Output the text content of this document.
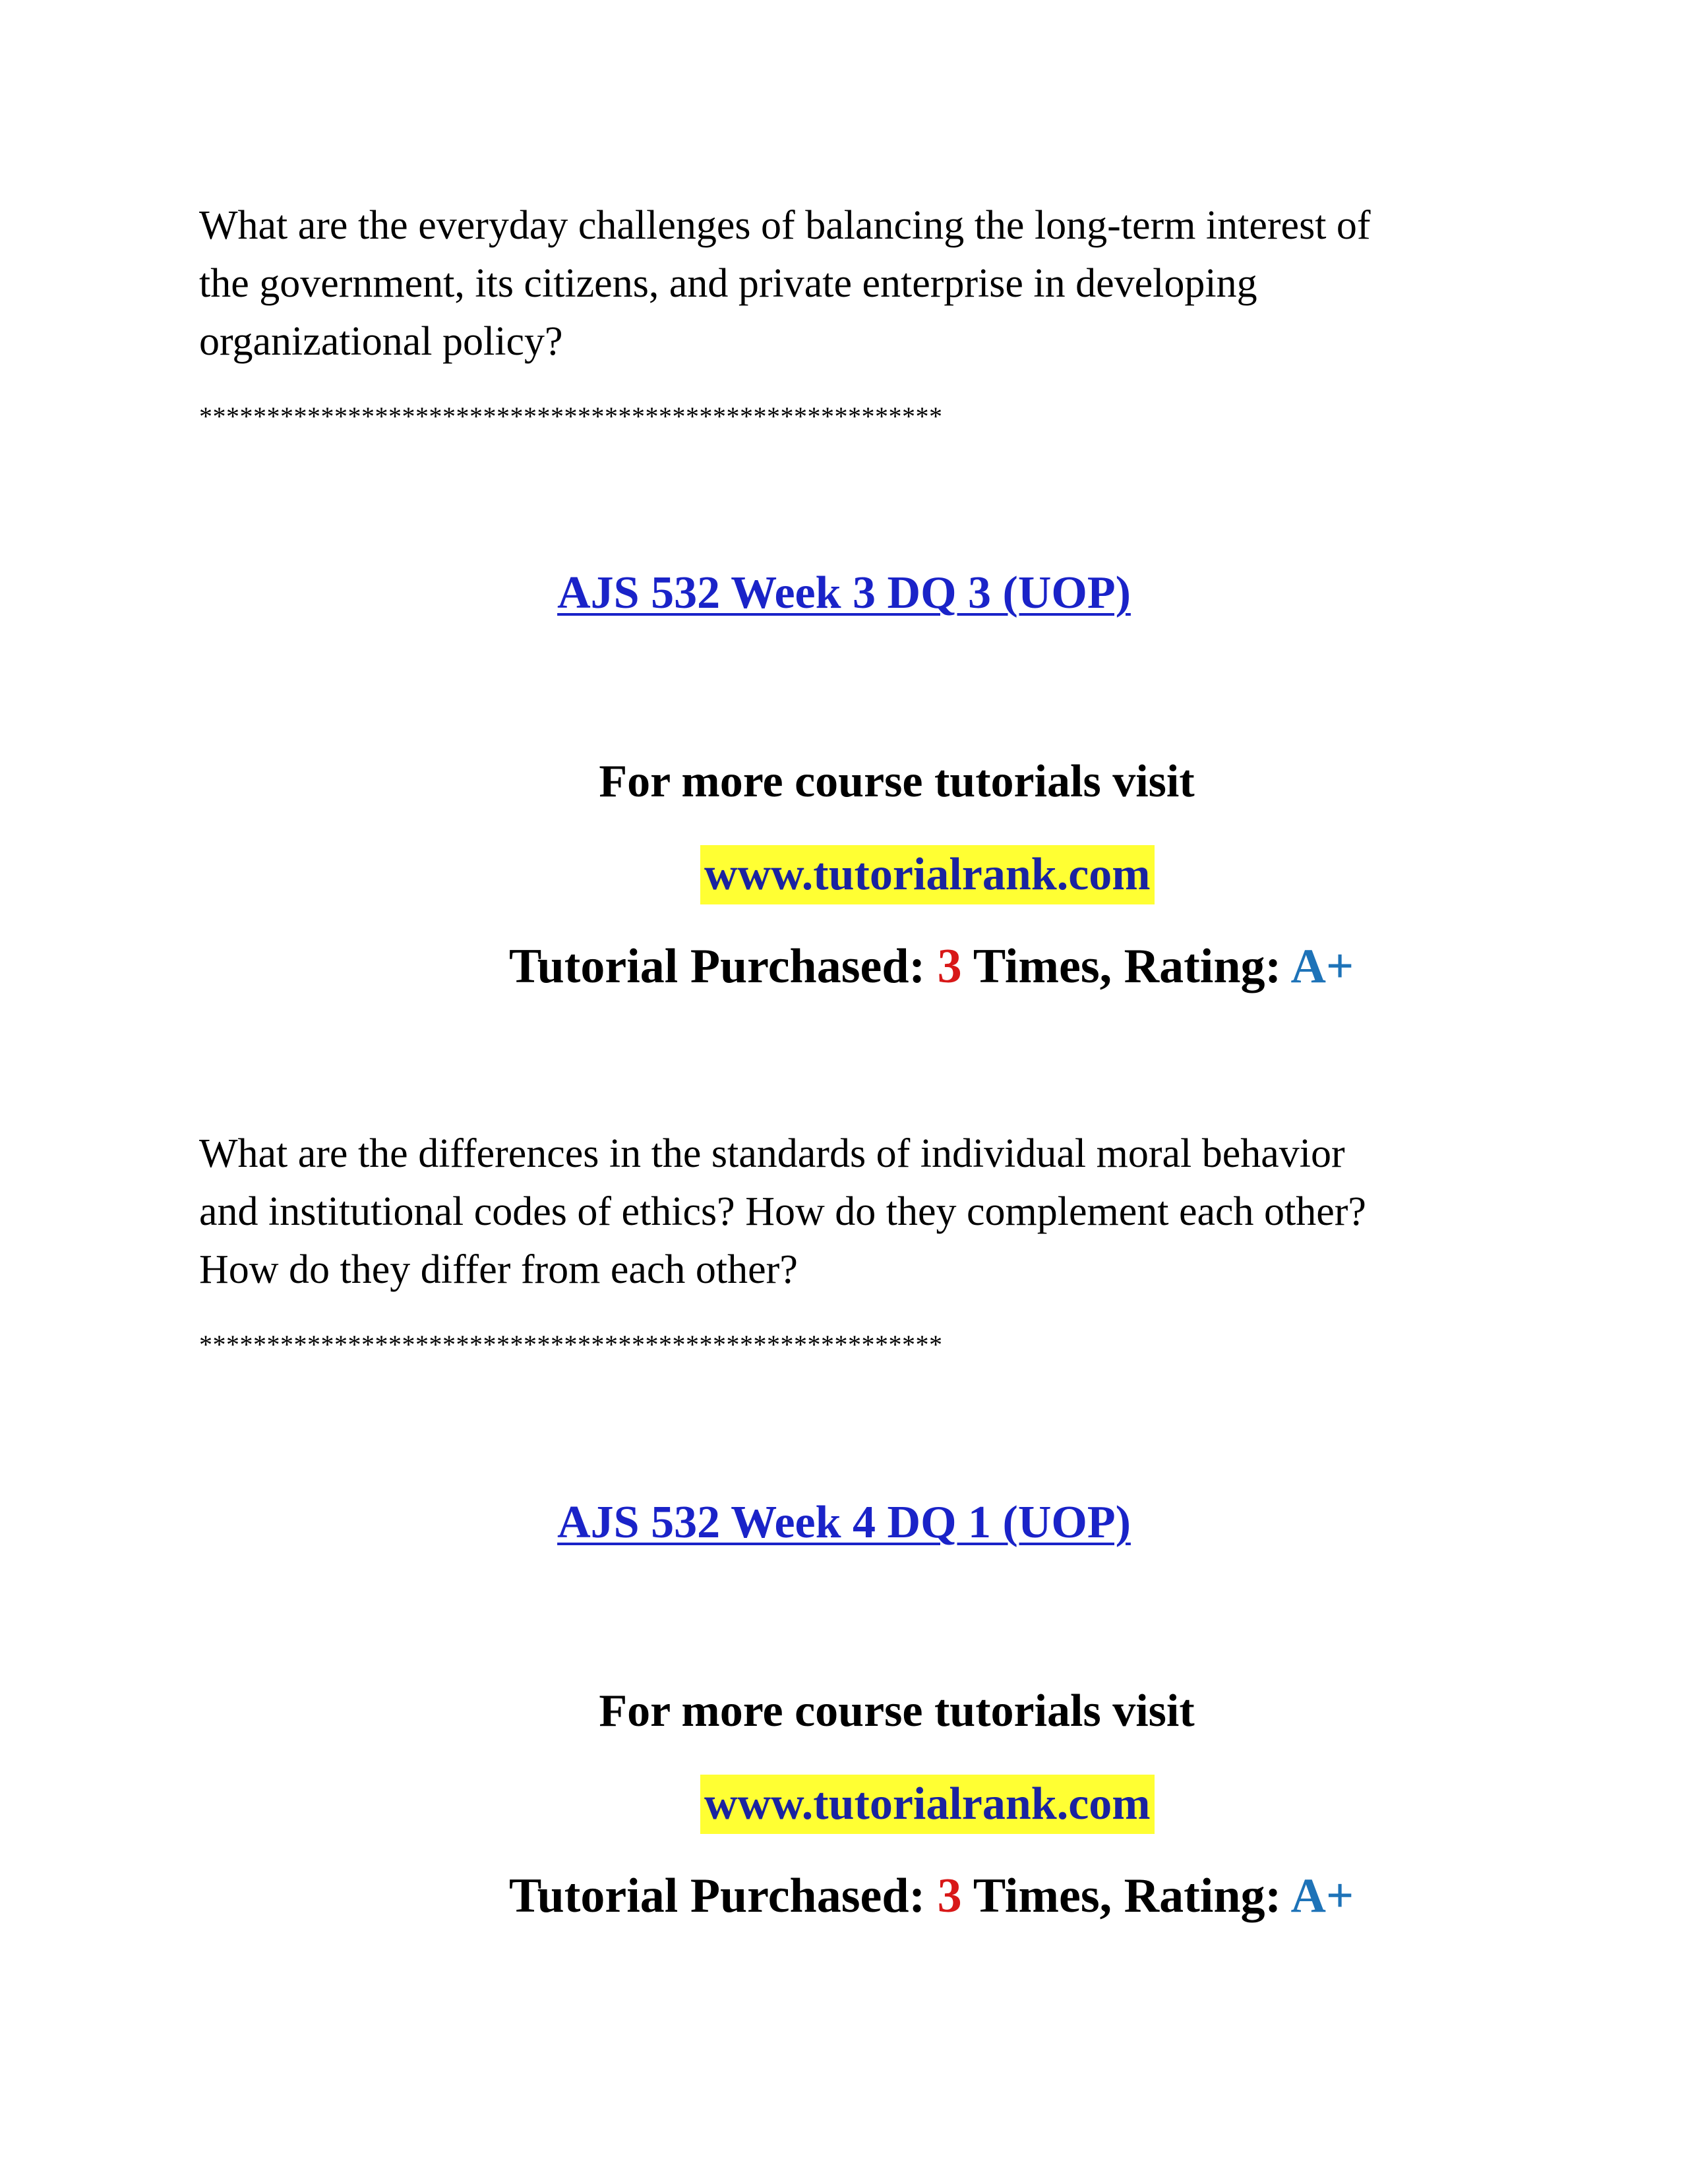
What are the everyday challenges of balancing the long-term interest of
the government, its citizens, and private enterprise in developing
organizational policy?
*******************************************************
AJS 532 Week 3 DQ 3 (UOP)
For more course tutorials visit
www.tutorialrank.com
Tutorial Purchased: 3 Times, Rating: A+
What are the differences in the standards of individual moral behavior
and institutional codes of ethics? How do they complement each other?
How do they differ from each other?
*******************************************************
AJS 532 Week 4 DQ 1 (UOP)
For more course tutorials visit
www.tutorialrank.com
Tutorial Purchased: 3 Times, Rating: A+
